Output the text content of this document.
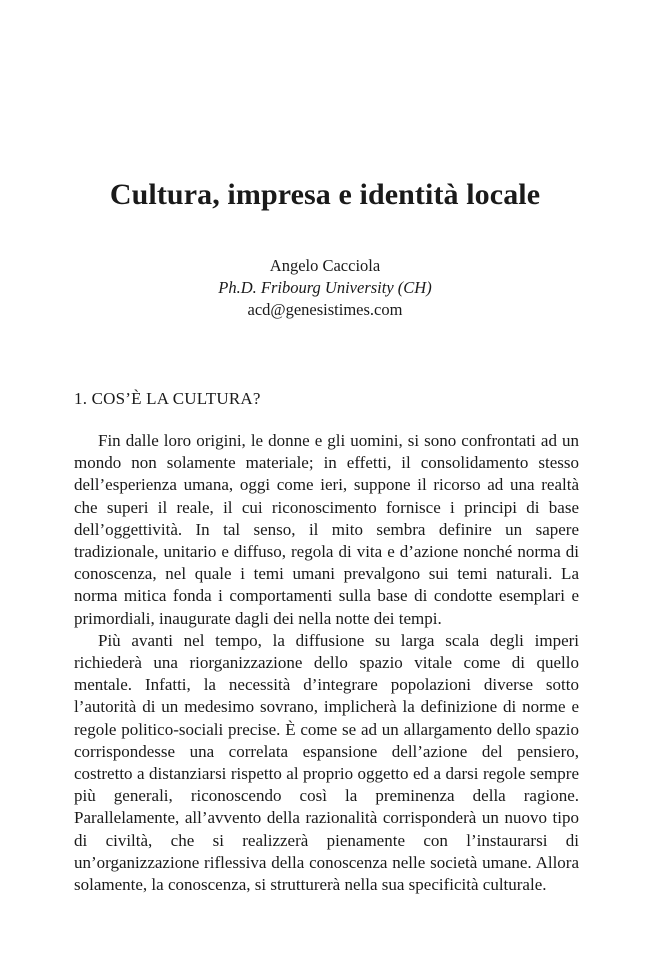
Cultura, impresa e identità locale
Angelo Cacciola
Ph.D. Fribourg University (CH)
acd@genesistimes.com
1. COS’È LA CULTURA?

Fin dalle loro origini, le donne e gli uomini, si sono confrontati ad un mondo non solamente materiale; in effetti, il consolidamento stesso dell’esperienza umana, oggi come ieri, suppone il ricorso ad una realtà che superi il reale, il cui riconoscimento fornisce i principi di base dell’oggettività. In tal senso, il mito sembra definire un sapere tradizionale, unitario e diffuso, regola di vita e d’azione nonché norma di conoscenza, nel quale i temi umani prevalgono sui temi naturali. La norma mitica fonda i comportamenti sulla base di condotte esemplari e primordiali, inaugurate dagli dei nella notte dei tempi.

Più avanti nel tempo, la diffusione su larga scala degli imperi richiederà una riorganizzazione dello spazio vitale come di quello mentale. Infatti, la necessità d’integrare popolazioni diverse sotto l’autorità di un medesimo sovrano, implicherà la definizione di norme e regole politico-sociali precise. È come se ad un allargamento dello spazio corrispondesse una correlata espansione dell’azione del pensiero, costretto a distanziarsi rispetto al proprio oggetto ed a darsi regole sempre più generali, riconoscendo così la preminenza della ragione. Parallelamente, all’avvento della razionalità corrisponderà un nuovo tipo di civiltà, che si realizzerà pienamente con l’instaurarsi di un’organizzazione riflessiva della conoscenza nelle società umane. Allora solamente, la conoscenza, si strutturerà nella sua specificità culturale.
